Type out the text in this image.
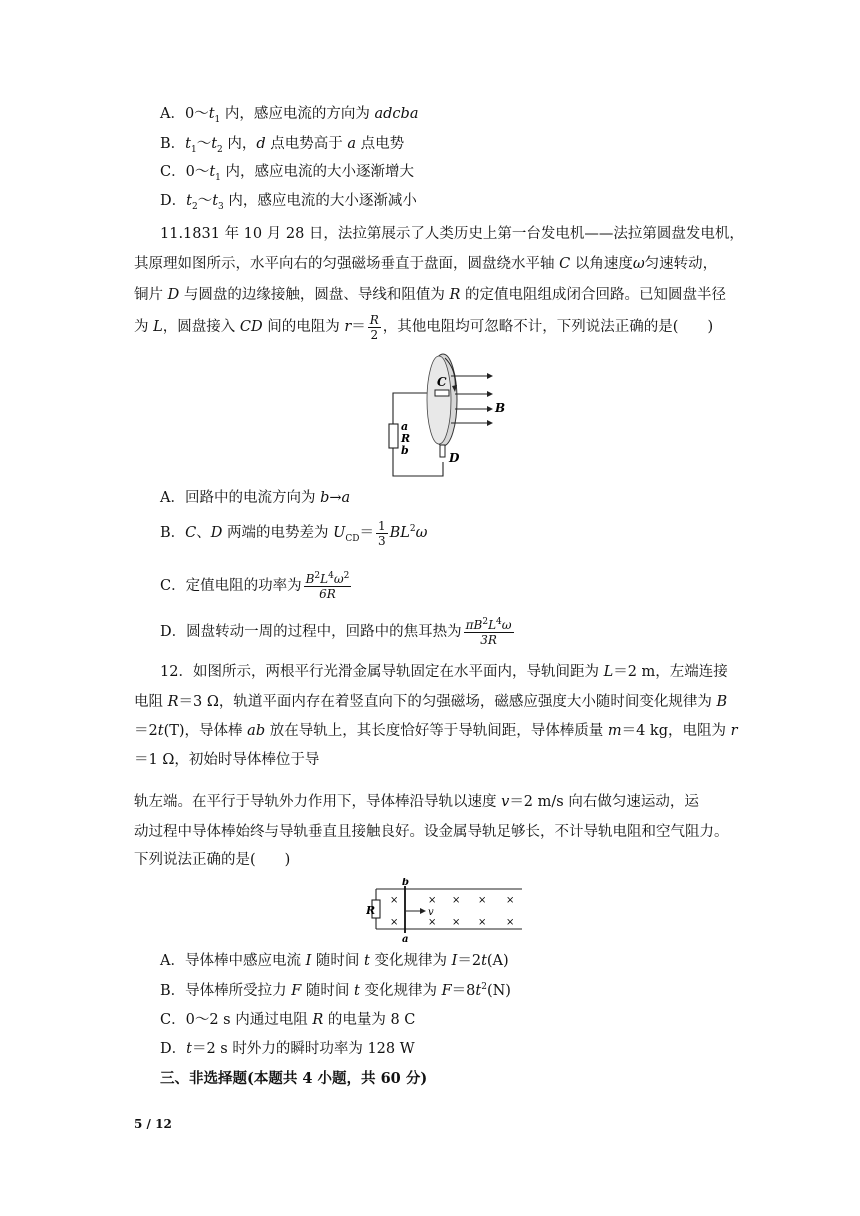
A．$0\sim t_1$ 内，感应电流的方向为 adcba
B．$t_1\sim t_2$ 内，d 点电势高于 a 点电势
C．$0\sim t_1$ 内，感应电流的大小逐渐增大
D．$t_2\sim t_3$ 内，感应电流的大小逐渐减小
11.1831 年 10 月 28 日，法拉第展示了人类历史上第一台发电机——法拉第圆盘发电机，
其原理如图所示，水平向右的匀强磁场垂直于盘面，圆盘绕水平轴 C 以角速度ω匀速转动，
铜片 D 与圆盘的边缘接触，圆盘、导线和阻值为 R 的定值电阻组成闭合回路。已知圆盘半径
为 L，圆盘接入 CD 间的电阻为 $r= \frac{R}{2}$ ，其他电阻均可忽略不计，下列说法正确的是(　　)
C
B
a
R
b
D
A．回路中的电流方向为 b→a
B．C、D 两端的电势差为 $U_{CD}= \frac{1}{3} BL^2\omega$
C．定值电阻的功率为 $\frac{B^2L^4\omega^2}{6R}$
D．圆盘转动一周的过程中，回路中的焦耳热为 $\frac{\pi B^2L^4\omega}{3R}$
12．如图所示，两根平行光滑金属导轨固定在水平面内，导轨间距为 L＝2 m，左端连接
电阻 R＝3 Ω，轨道平面内存在着竖直向下的匀强磁场，磁感应强度大小随时间变化规律为 B
＝2t(T)，导体棒 ab 放在导轨上，其长度恰好等于导轨间距，导体棒质量 m＝4 kg，电阻为 r
＝1 Ω，初始时导体棒位于导
轨左端。在平行于导轨外力作用下，导体棒沿导轨以速度 v＝2 m/s 向右做匀速运动，运
动过程中导体棒始终与导轨垂直且接触良好。设金属导轨足够长，不计导轨电阻和空气阻力。
下列说法正确的是(　　)
×	× × × ×
×	× × × ×
b
R	v
a
A．导体棒中感应电流 I 随时间 t 变化规律为 I＝2t(A)
B．导体棒所受拉力 F 随时间 t 变化规律为 $F=8t^2(N)$
C．0～2 s 内通过电阻 R 的电量为 8 C
D．t＝2 s 时外力的瞬时功率为 128 W
三、非选择题(本题共 4 小题，共 60 分)
5 / 12
